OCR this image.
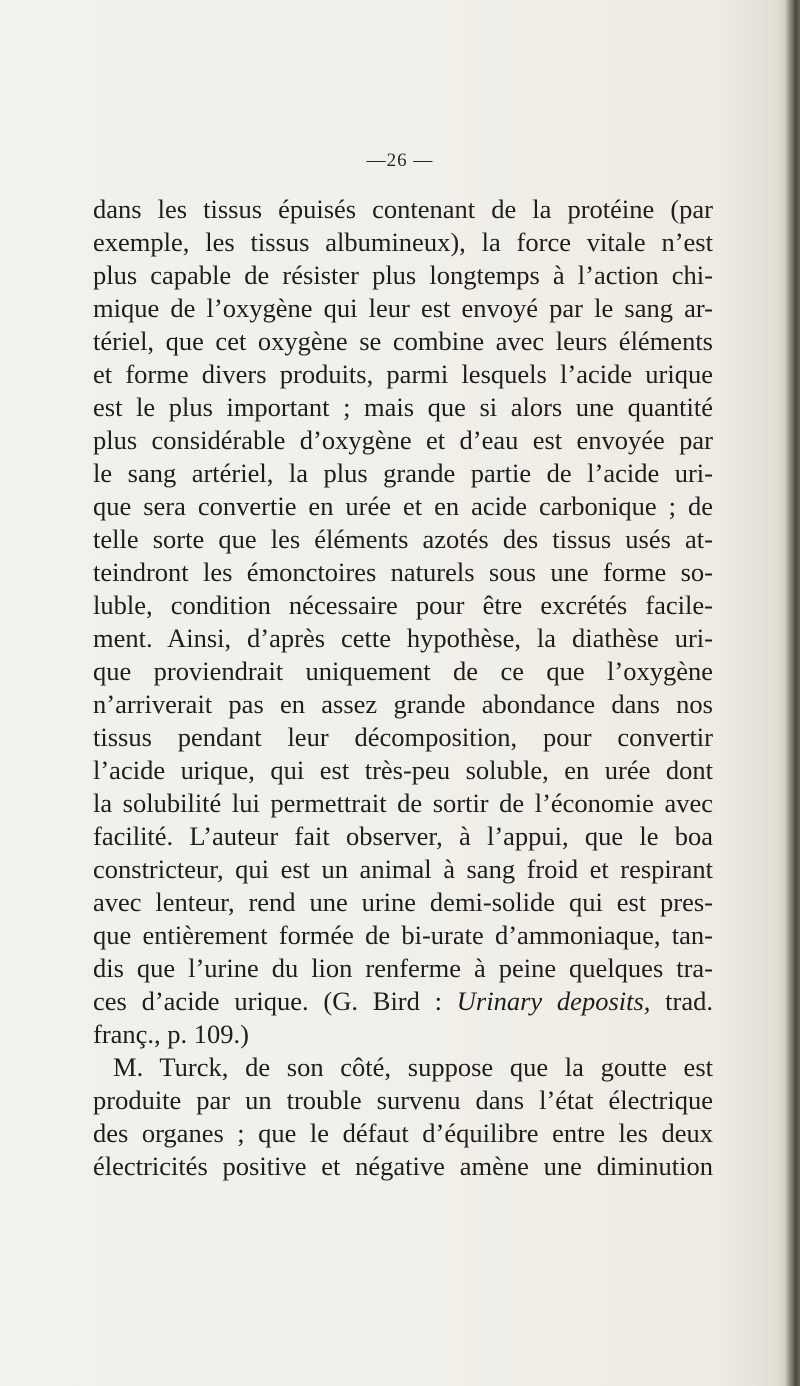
—26 —
dans les tissus épuisés contenant de la protéine (par
exemple, les tissus albumineux), la force vitale n’est
plus capable de résister plus longtemps à l’action chi-
mique de l’oxygène qui leur est envoyé par le sang ar-
tériel, que cet oxygène se combine avec leurs éléments
et forme divers produits, parmi lesquels l’acide urique
est le plus important ; mais que si alors une quantité
plus considérable d’oxygène et d’eau est envoyée par
le sang artériel, la plus grande partie de l’acide uri-
que sera convertie en urée et en acide carbonique ; de
telle sorte que les éléments azotés des tissus usés at-
teindront les émonctoires naturels sous une forme so-
luble, condition nécessaire pour être excrétés facile-
ment. Ainsi, d’après cette hypothèse, la diathèse uri-
que proviendrait uniquement de ce que l’oxygène
n’arriverait pas en assez grande abondance dans nos
tissus pendant leur décomposition, pour convertir
l’acide urique, qui est très-peu soluble, en urée dont
la solubilité lui permettrait de sortir de l’économie avec
facilité. L’auteur fait observer, à l’appui, que le boa
constricteur, qui est un animal à sang froid et respirant
avec lenteur, rend une urine demi-solide qui est pres-
que entièrement formée de bi-urate d’ammoniaque, tan-
dis que l’urine du lion renferme à peine quelques tra-
ces d’acide urique. (G. Bird : Urinary deposits, trad.
franç., p. 109.)
M. Turck, de son côté, suppose que la goutte est
produite par un trouble survenu dans l’état électrique
des organes ; que le défaut d’équilibre entre les deux
électricités positive et négative amène une diminution
